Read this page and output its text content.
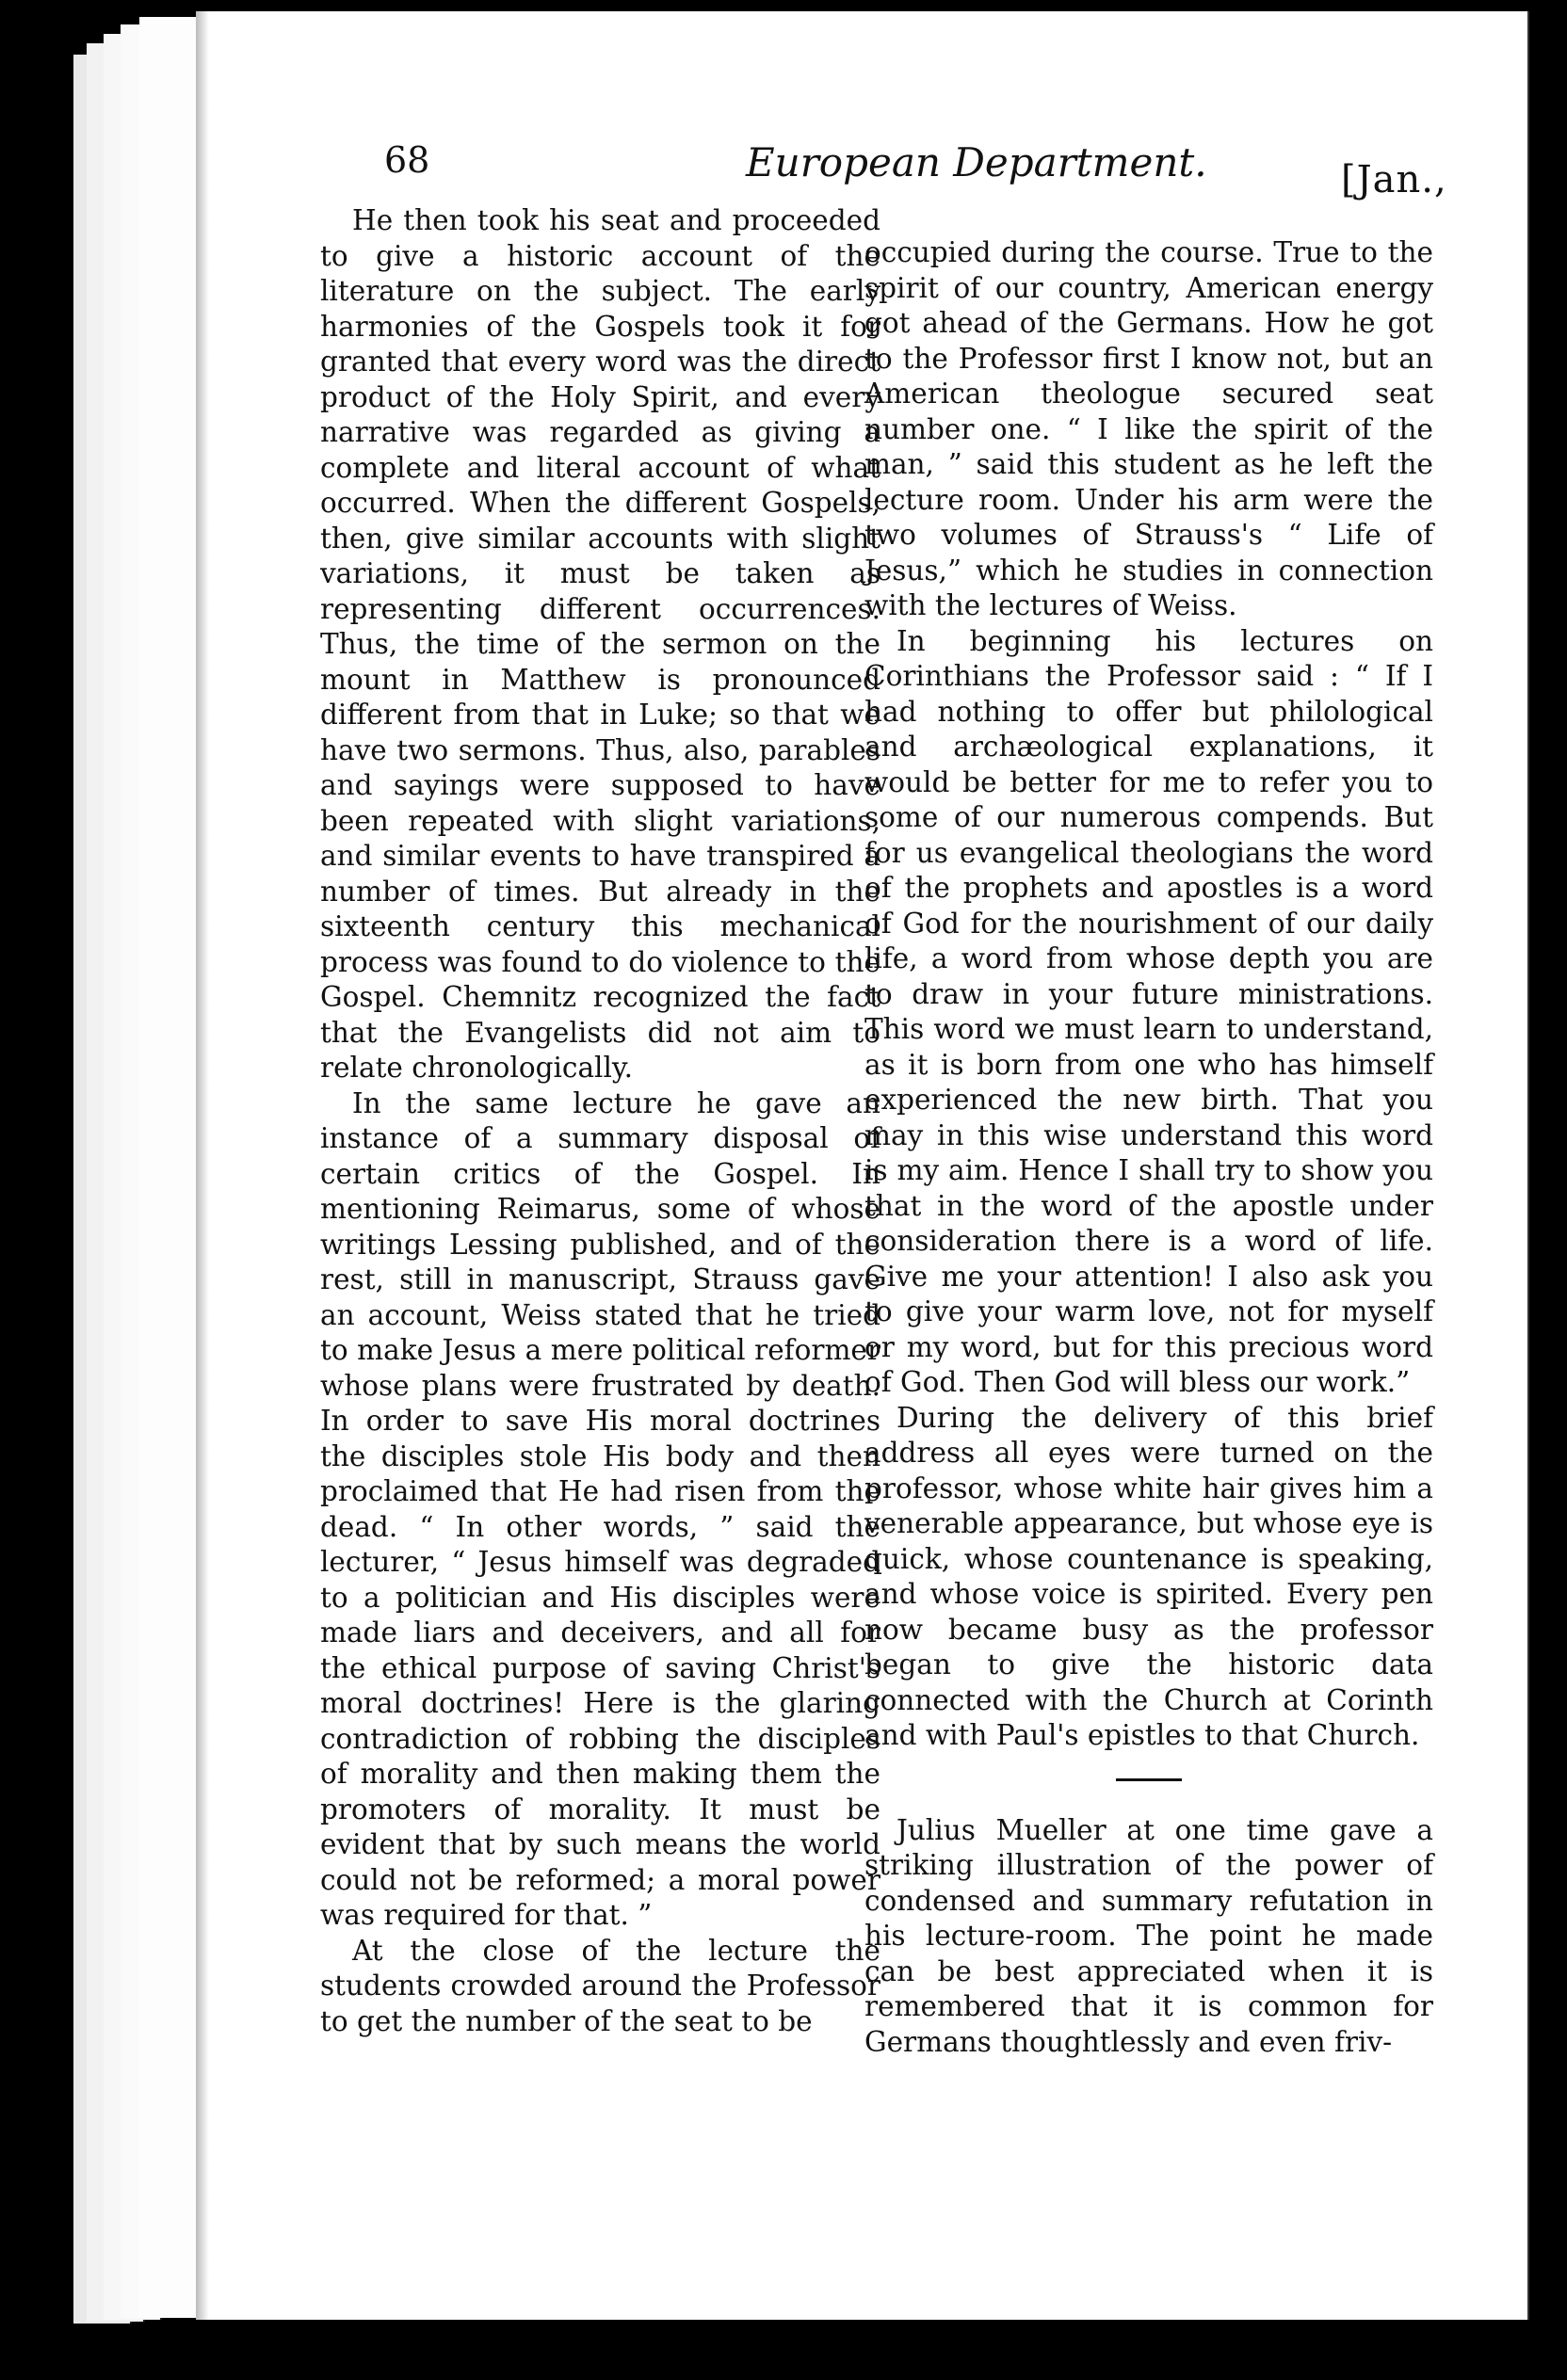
68	European Department.	[Jan.,

He then took his seat and proceeded to give a historic account of the literature on the subject. The early harmonies of the Gospels took it for granted that every word was the direct product of the Holy Spirit, and every narrative was regarded as giving a complete and literal account of what occurred. When the different Gospels, then, give similar accounts with slight variations, it must be taken as representing different occurrences. Thus, the time of the sermon on the mount in Matthew is pronounced different from that in Luke; so that we have two sermons. Thus, also, parables and sayings were supposed to have been repeated with slight variations, and similar events to have transpired a number of times. But already in the sixteenth century this mechanical process was found to do violence to the Gospel. Chemnitz recognized the fact that the Evangelists did not aim to relate chronologically.

In the same lecture he gave an instance of a summary disposal of certain critics of the Gospel. In mentioning Reimarus, some of whose writings Lessing published, and of the rest, still in manuscript, Strauss gave an account, Weiss stated that he tried to make Jesus a mere political reformer whose plans were frustrated by death. In order to save His moral doctrines the disciples stole His body and then proclaimed that He had risen from the dead. “ In other words, ” said the lecturer, “ Jesus himself was degraded to a politician and His disciples were made liars and deceivers, and all for the ethical purpose of saving Christ's moral doctrines! Here is the glaring contradiction of robbing the disciples of morality and then making them the promoters of morality. It must be evident that by such means the world could not be reformed; a moral power was required for that. ”

At the close of the lecture the students crowded around the Professor to get the number of the seat to be

occupied during the course. True to the spirit of our country, American energy got ahead of the Germans. How he got to the Professor first I know not, but an American theologue secured seat number one. “ I like the spirit of the man, ” said this student as he left the lecture room. Under his arm were the two volumes of Strauss's “ Life of Jesus,” which he studies in connection with the lectures of Weiss.

In beginning his lectures on Corinthians the Professor said : “ If I had nothing to offer but philological and archæological explanations, it would be better for me to refer you to some of our numerous compends. But for us evangelical theologians the word of the prophets and apostles is a word of God for the nourishment of our daily life, a word from whose depth you are to draw in your future ministrations. This word we must learn to understand, as it is born from one who has himself experienced the new birth. That you may in this wise understand this word is my aim. Hence I shall try to show you that in the word of the apostle under consideration there is a word of life. Give me your attention! I also ask you to give your warm love, not for myself or my word, but for this precious word of God. Then God will bless our work.”

During the delivery of this brief address all eyes were turned on the professor, whose white hair gives him a venerable appearance, but whose eye is quick, whose countenance is speaking, and whose voice is spirited. Every pen now became busy as the professor began to give the historic data connected with the Church at Corinth and with Paul's epistles to that Church.

Julius Mueller at one time gave a striking illustration of the power of condensed and summary refutation in his lecture-room. The point he made can be best appreciated when it is remembered that it is common for Germans thoughtlessly and even friv-
